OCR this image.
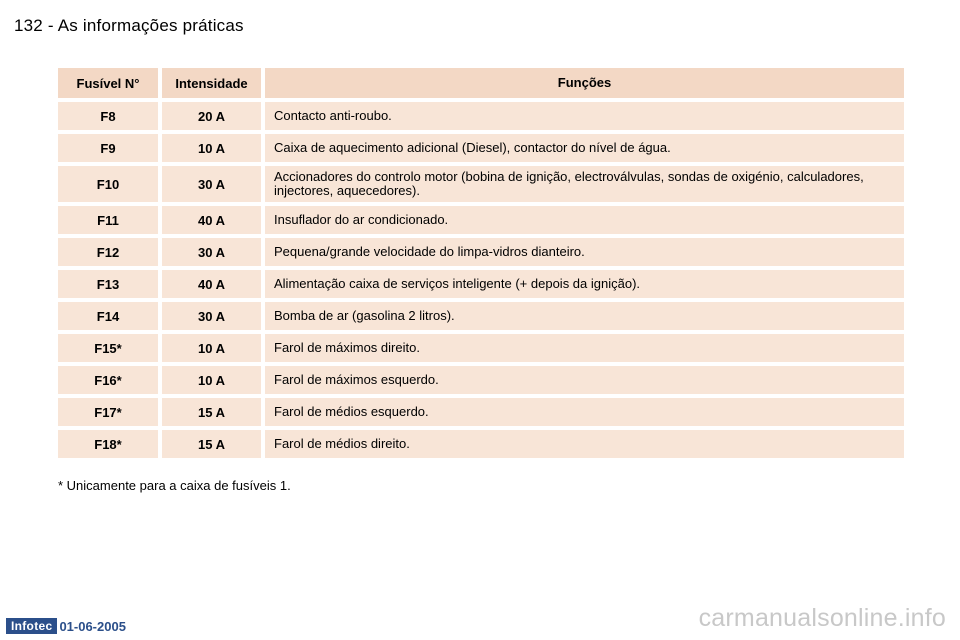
132 - As informações práticas
Fusível N°	Intensidade	Funções
F8	20 A	Contacto anti-roubo.
F9	10 A	Caixa de aquecimento adicional (Diesel), contactor do nível de água.
F10	30 A	Accionadores do controlo motor (bobina de ignição, electroválvulas, sondas de oxigénio, calculadores, injectores, aquecedores).
F11	40 A	Insuflador do ar condicionado.
F12	30 A	Pequena/grande velocidade do limpa-vidros dianteiro.
F13	40 A	Alimentação caixa de serviços inteligente (+ depois da ignição).
F14	30 A	Bomba de ar (gasolina 2 litros).
F15*	10 A	Farol de máximos direito.
F16*	10 A	Farol de máximos esquerdo.
F17*	15 A	Farol de médios esquerdo.
F18*	15 A	Farol de médios direito.
* Unicamente para a caixa de fusíveis 1.
Infotec 01-06-2005	carmanualsonline.info
